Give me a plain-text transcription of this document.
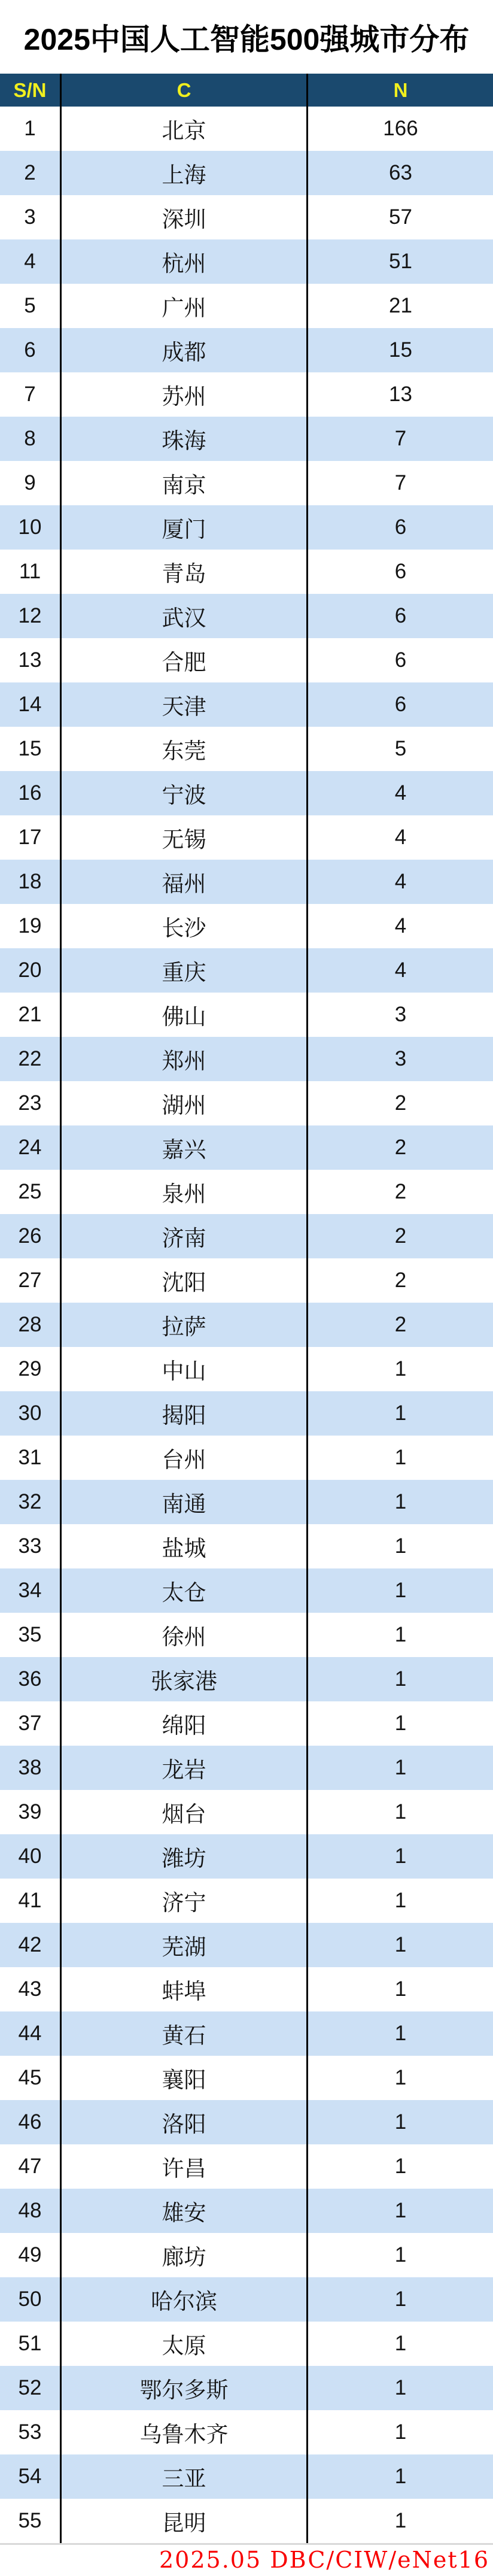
2025中国人工智能500强城市分布
S/N	C	N
1	北京	166
2	上海	63
3	深圳	57
4	杭州	51
5	广州	21
6	成都	15
7	苏州	13
8	珠海	7
9	南京	7
10	厦门	6
11	青岛	6
12	武汉	6
13	合肥	6
14	天津	6
15	东莞	5
16	宁波	4
17	无锡	4
18	福州	4
19	长沙	4
20	重庆	4
21	佛山	3
22	郑州	3
23	湖州	2
24	嘉兴	2
25	泉州	2
26	济南	2
27	沈阳	2
28	拉萨	2
29	中山	1
30	揭阳	1
31	台州	1
32	南通	1
33	盐城	1
34	太仓	1
35	徐州	1
36	张家港	1
37	绵阳	1
38	龙岩	1
39	烟台	1
40	潍坊	1
41	济宁	1
42	芜湖	1
43	蚌埠	1
44	黄石	1
45	襄阳	1
46	洛阳	1
47	许昌	1
48	雄安	1
49	廊坊	1
50	哈尔滨	1
51	太原	1
52	鄂尔多斯	1
53	乌鲁木齐	1
54	三亚	1
55	昆明	1
2025.05 DBC/CIW/eNet16
